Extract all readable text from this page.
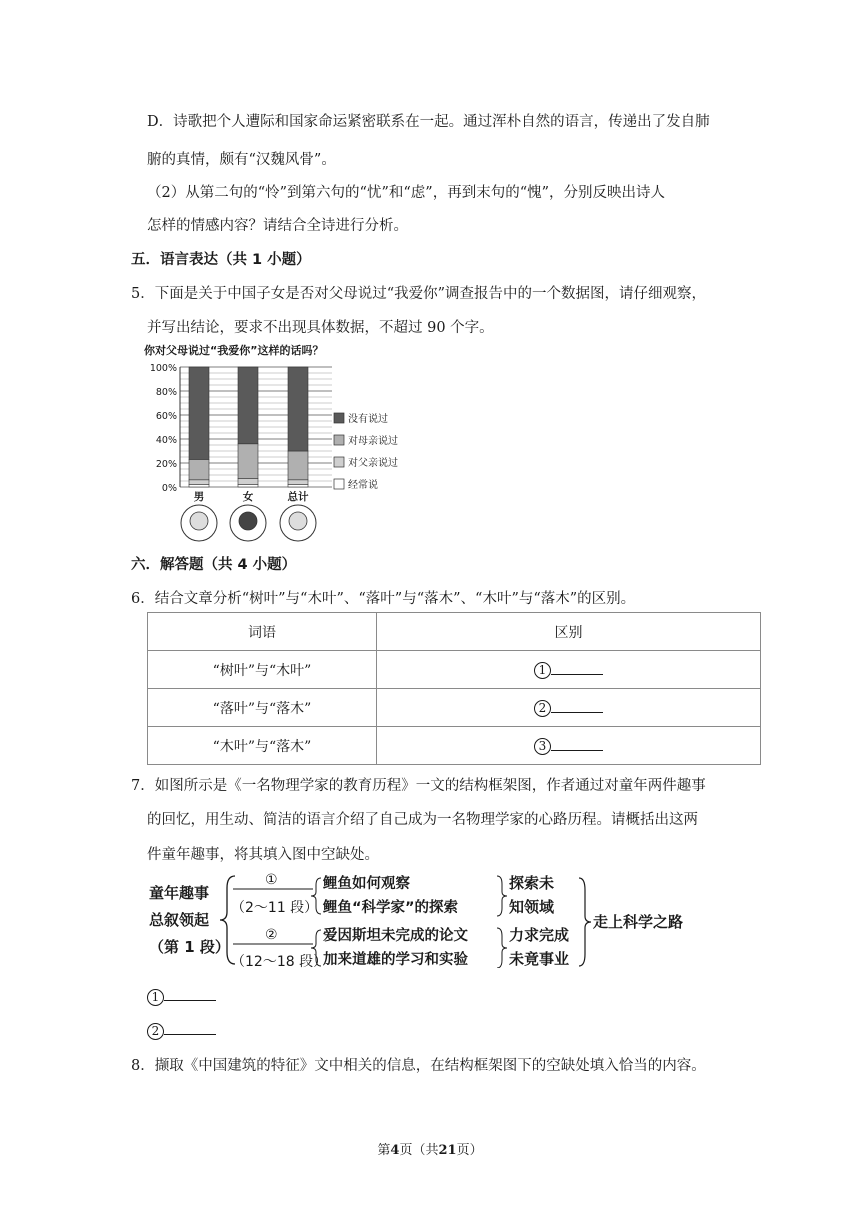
D．诗歌把个人遭际和国家命运紧密联系在一起。通过浑朴自然的语言，传递出了发自肺
腑的真情，颇有“汉魏风骨”。
（2）从第二句的“怜”到第六句的“忧”和“虑”，再到末句的“愧”，分别反映出诗人
怎样的情感内容？请结合全诗进行分析。
五．语言表达（共 1 小题）
5．下面是关于中国子女是否对父母说过“我爱你”调查报告中的一个数据图，请仔细观察，
并写出结论，要求不出现具体数据，不超过 90 个字。
你对父母说过“我爱你”这样的话吗？
0%
20%
40%
60%
80%
100%
男	女	总计
没有说过
对母亲说过
对父亲说过
经常说
六．解答题（共 4 小题）
6．结合文章分析“树叶”与“木叶”、“落叶”与“落木”、“木叶”与“落木”的区别。
词语	区别
“树叶”与“木叶”	1
“落叶”与“落木”	2
“木叶”与“落木”	3
7．如图所示是《一名物理学家的教育历程》一文的结构框架图，作者通过对童年两件趣事
的回忆，用生动、简洁的语言介绍了自己成为一名物理学家的心路历程。请概括出这两
件童年趣事，将其填入图中空缺处。
童年趣事
总叙领起
（第 1 段）
①
（2～11 段）
②
（12～18 段）
鲤鱼如何观察
鲤鱼“科学家”的探索
爱因斯坦未完成的论文
加来道雄的学习和实验
探索未
知领域
力求完成
未竟事业
走上科学之路
1
2
8．撷取《中国建筑的特征》文中相关的信息，在结构框架图下的空缺处填入恰当的内容。
第4页（共21页）
